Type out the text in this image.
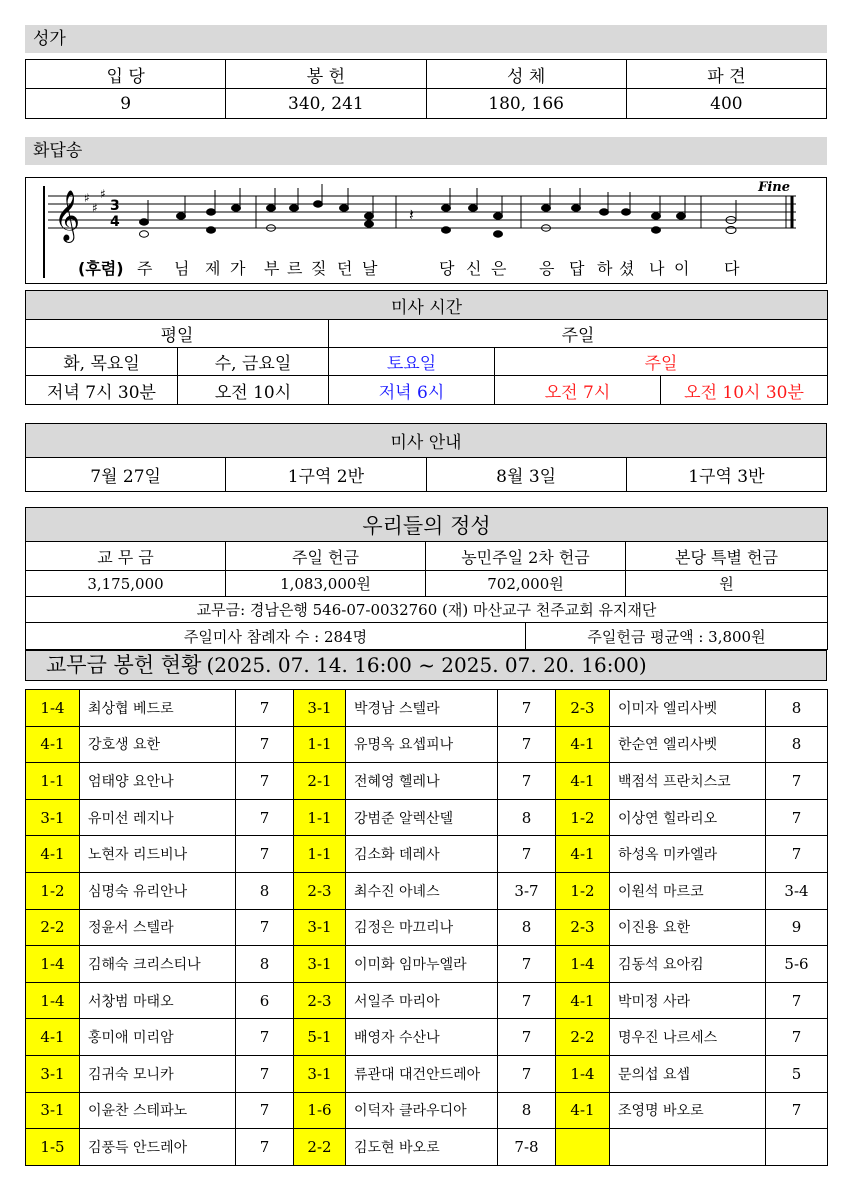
성가
입 당	봉 헌	성 체	파 견
9	340, 241	180, 166	400
화답송
𝄞 ♯
♯
♯
3
4	𝄽
Fine
(후렴) 주 님 제 가 부 르 짖 던 날	당 신 은 응 답 하 셨 나 이 다
미사 시간				
평일		주일		
화, 목요일	수, 금요일	토요일	주일	
저녁 7시 30분	오전 10시	저녁 6시	오전 7시	오전 10시 30분
미사 안내
7월 27일	1구역 2반	8월 3일	1구역 3반
우리들의 정성			
교 무 금	주일 헌금	농민주일 2차 헌금	본당 특별 헌금
3,175,000	1,083,000원	702,000원	원
교무금: 경남은행 546-07-0032760 (재) 마산교구 천주교회 유지재단			
주일미사 참례자 수 : 284명	주일헌금 평균액 : 3,800원
교무금 봉헌 현황 (2025. 07. 14. 16:00 ~ 2025. 07. 20. 16:00)
1-4	최상협 베드로	7	3-1	박경남 스텔라	7	2-3	이미자 엘리사벳	8
4-1	강호생 요한	7	1-1	유명옥 요셉피나	7	4-1	한순연 엘리사벳	8
1-1	엄태양 요안나	7	2-1	전혜영 헬레나	7	4-1	백점석 프란치스코	7
3-1	유미선 레지나	7	1-1	강범준 알렉산델	8	1-2	이상연 힐라리오	7
4-1	노현자 리드비나	7	1-1	김소화 데레사	7	4-1	하성옥 미카엘라	7
1-2	심명숙 유리안나	8	2-3	최수진 아녜스	3-7	1-2	이원석 마르코	3-4
2-2	정윤서 스텔라	7	3-1	김정은 마끄리나	8	2-3	이진용 요한	9
1-4	김해숙 크리스티나	8	3-1	이미화 임마누엘라	7	1-4	김동석 요아킴	5-6
1-4	서창범 마태오	6	2-3	서일주 마리아	7	4-1	박미정 사라	7
4-1	홍미애 미리암	7	5-1	배영자 수산나	7	2-2	명우진 나르세스	7
3-1	김귀숙 모니카	7	3-1	류관대 대건안드레아	7	1-4	문의섭 요셉	5
3-1	이윤찬 스테파노	7	1-6	이덕자 클라우디아	8	4-1	조영명 바오로	7
1-5	김풍득 안드레아	7	2-2	김도현 바오로	7-8			
